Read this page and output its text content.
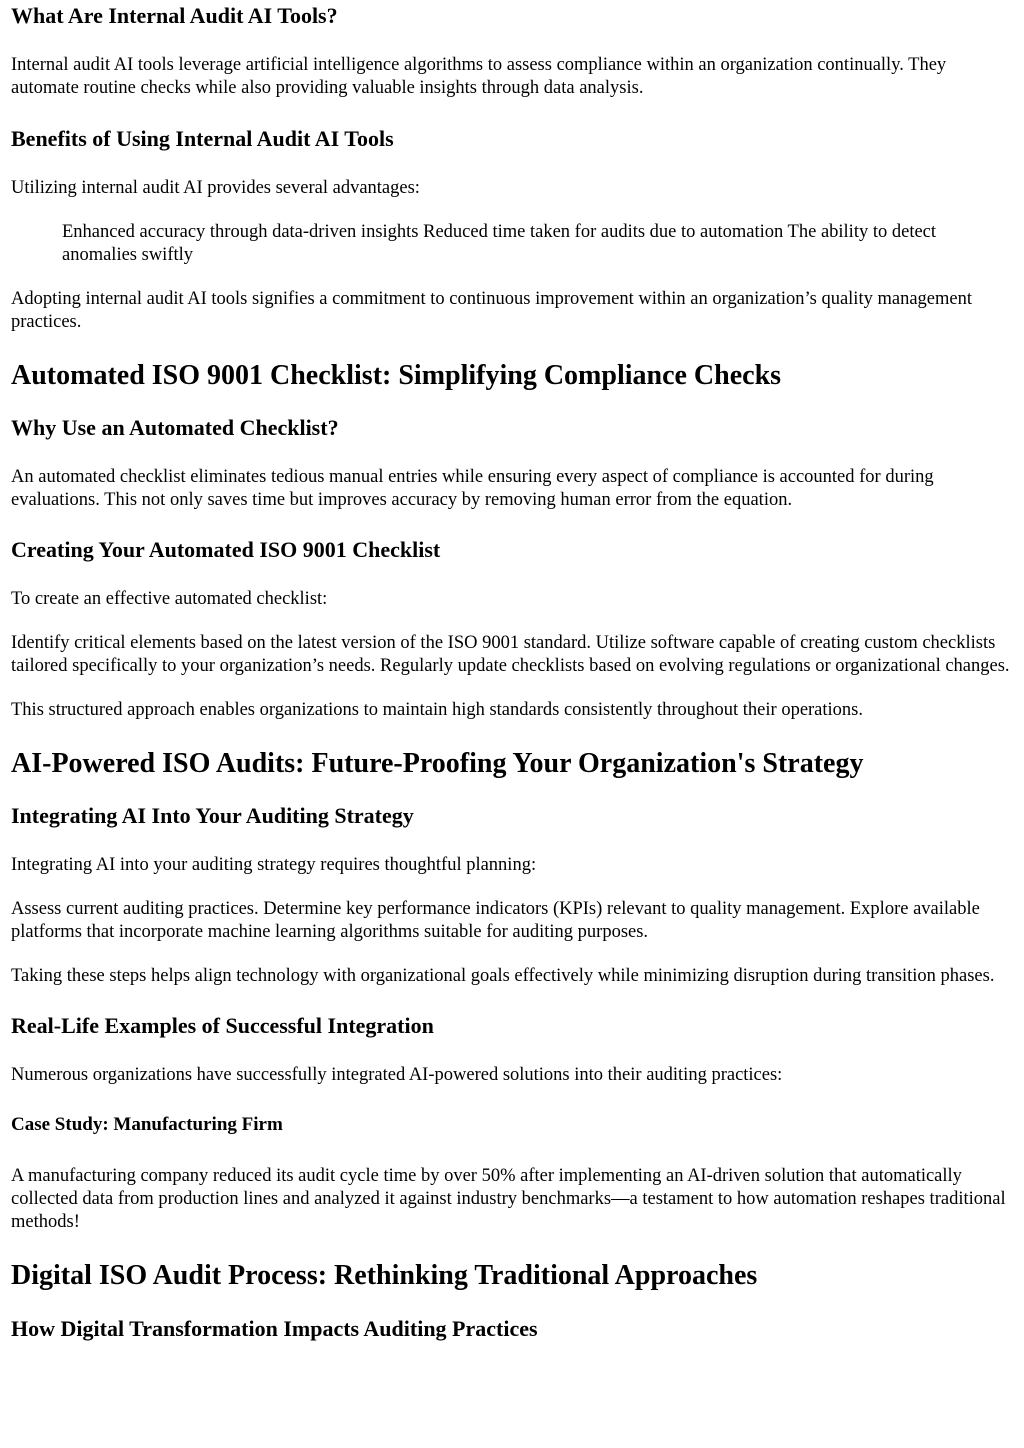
What Are Internal Audit AI Tools?

Internal audit AI tools leverage artificial intelligence algorithms to assess compliance within an organization continually. They automate routine checks while also providing valuable insights through data analysis.

Benefits of Using Internal Audit AI Tools

Utilizing internal audit AI provides several advantages:

Enhanced accuracy through data-driven insights Reduced time taken for audits due to automation The ability to detect anomalies swiftly

Adopting internal audit AI tools signifies a commitment to continuous improvement within an organization’s quality management practices.

Automated ISO 9001 Checklist: Simplifying Compliance Checks
Why Use an Automated Checklist?

An automated checklist eliminates tedious manual entries while ensuring every aspect of compliance is accounted for during evaluations. This not only saves time but improves accuracy by removing human error from the equation.

Creating Your Automated ISO 9001 Checklist

To create an effective automated checklist:

Identify critical elements based on the latest version of the ISO 9001 standard. Utilize software capable of creating custom checklists tailored specifically to your organization’s needs. Regularly update checklists based on evolving regulations or organizational changes.

This structured approach enables organizations to maintain high standards consistently throughout their operations.

AI-Powered ISO Audits: Future-Proofing Your Organization's Strategy
Integrating AI Into Your Auditing Strategy

Integrating AI into your auditing strategy requires thoughtful planning:

Assess current auditing practices. Determine key performance indicators (KPIs) relevant to quality management. Explore available platforms that incorporate machine learning algorithms suitable for auditing purposes.

Taking these steps helps align technology with organizational goals effectively while minimizing disruption during transition phases.

Real-Life Examples of Successful Integration

Numerous organizations have successfully integrated AI-powered solutions into their auditing practices:

Case Study: Manufacturing Firm

A manufacturing company reduced its audit cycle time by over 50% after implementing an AI-driven solution that automatically collected data from production lines and analyzed it against industry benchmarks—a testament to how automation reshapes traditional methods!

Digital ISO Audit Process: Rethinking Traditional Approaches
How Digital Transformation Impacts Auditing Practices
